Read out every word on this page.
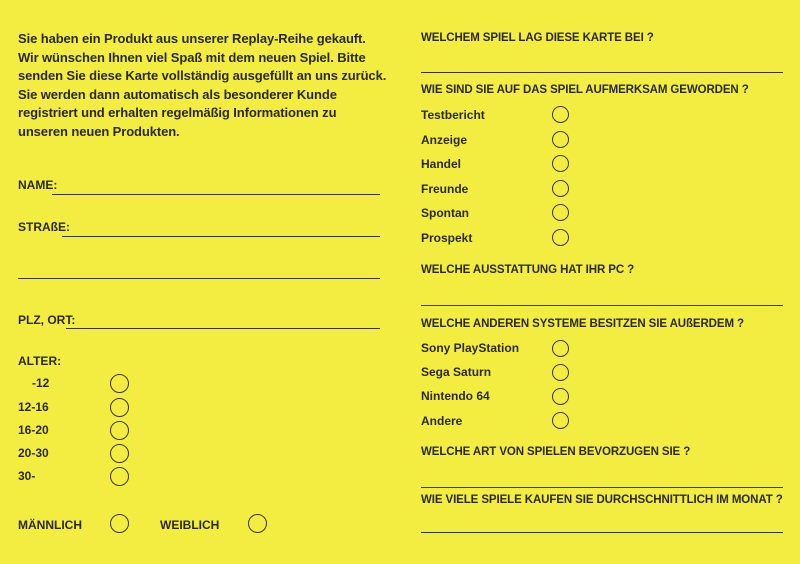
Sie haben ein Produkt aus unserer Replay-Reihe gekauft.
Wir wünschen Ihnen viel Spaß mit dem neuen Spiel. Bitte
senden Sie diese Karte vollständig ausgefüllt an uns zurück.
Sie werden dann automatisch als besonderer Kunde
registriert und erhalten regelmäßig Informationen zu
unseren neuen Produkten.
NAME:
STRAßE:
PLZ, ORT:
ALTER:
-12
12-16
16-20
20-30
30-
MÄNNLICH	WEIBLICH
WELCHEM SPIEL LAG DIESE KARTE BEI ?
WIE SIND SIE AUF DAS SPIEL AUFMERKSAM GEWORDEN ?
Testbericht
Anzeige
Handel
Freunde
Spontan
Prospekt
WELCHE AUSSTATTUNG HAT IHR PC ?
WELCHE ANDEREN SYSTEME BESITZEN SIE AUßERDEM ?
Sony PlayStation
Sega Saturn
Nintendo 64
Andere
WELCHE ART VON SPIELEN BEVORZUGEN SIE ?
WIE VIELE SPIELE KAUFEN SIE DURCHSCHNITTLICH IM MONAT ?
